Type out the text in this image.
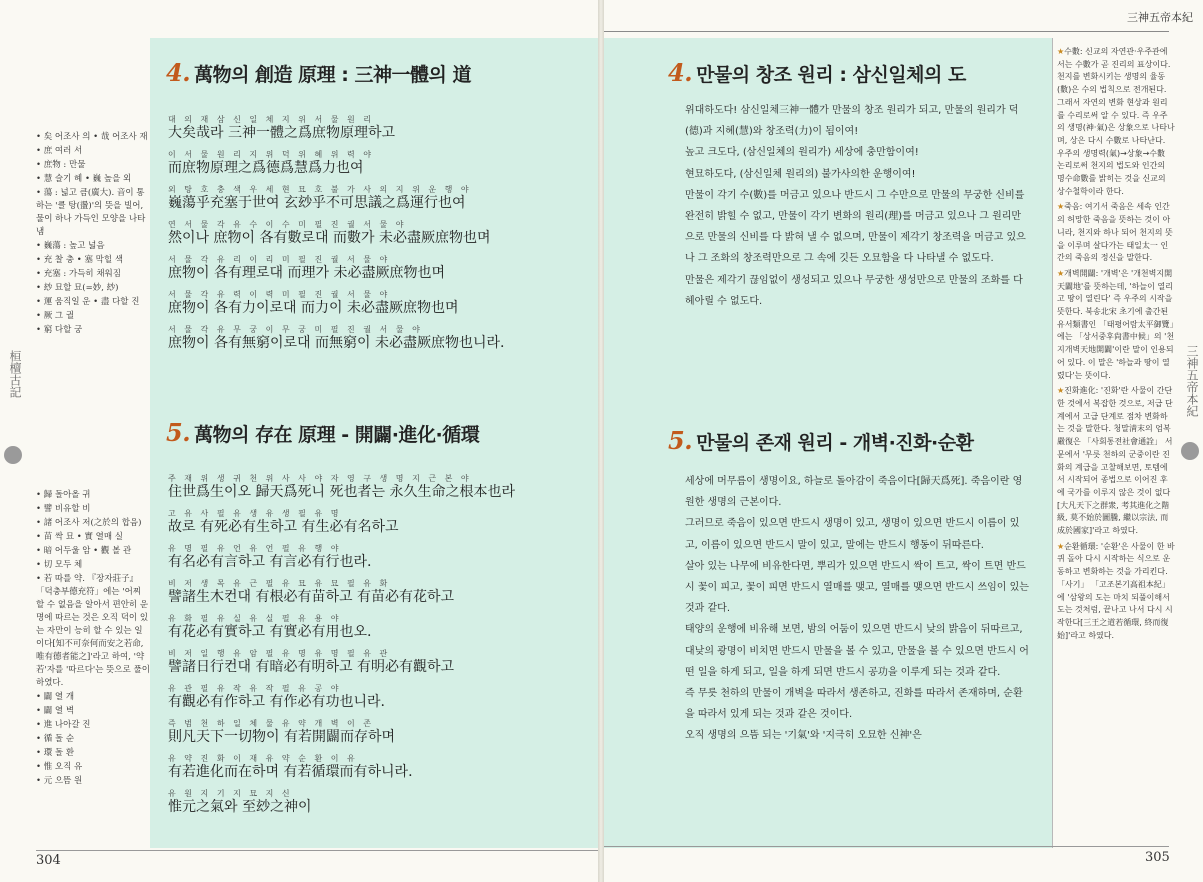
三神五帝本紀
桓檀古記	三神五帝本紀
4. 萬物의 創造 原理 : 三神一體의 道
대 의 재 삼 신 일 체 지 위 서 물 원 리
大矣哉라 三神一體之爲庶物原理하고
이 서 물 원 리 지 위 덕 위 혜 위 력 야
而庶物原理之爲德爲慧爲力也여
외 탕 호 충 색 우 세 현 묘 호 불 가 사 의 지 위 운 행 야
巍蕩乎充塞于世여 玄玅乎不可思議之爲運行也여
연 서 물 각 유 수 이 수 미 필 진 궐 서 물 야
然이나 庶物이 各有數로대 而數가 未必盡厥庶物也며
서 물 각 유 리 이 리 미 필 진 궐 서 물 야
庶物이 各有理로대 而理가 未必盡厥庶物也며
서 물 각 유 력 이 력 미 필 진 궐 서 물 야
庶物이 各有力이로대 而力이 未必盡厥庶物也며
서 물 각 유 무 궁 이 무 궁 미 필 진 궐 서 물 야
庶物이 各有無窮이로대 而無窮이 未必盡厥庶物也니라.
5. 萬物의 存在 原理 - 開闢·進化·循環
주 재 위 생 귀 천 위 사 사 야 자 영 구 생 명 지 근 본 야
住世爲生이오 歸天爲死니 死也者는 永久生命之根本也라
고 유 사 필 유 생 유 생 필 유 명
故로 有死必有生하고 有生必有名하고
유 명 필 유 언 유 언 필 유 행 야
有名必有言하고 有言必有行也라.
비 저 생 목 유 근 필 유 묘 유 묘 필 유 화
譬諸生木컨대 有根必有苗하고 有苗必有花하고
유 화 필 유 실 유 실 필 유 용 야
有花必有實하고 有實必有用也오.
비 저 일 행 유 암 필 유 명 유 명 필 유 관
譬諸日行컨대 有暗必有明하고 有明必有觀하고
유 관 필 유 작 유 작 필 유 공 야
有觀必有作하고 有作必有功也니라.
즉 범 천 하 일 체 물 유 약 개 벽 이 존
則凡天下一切物이 有若開闢而存하며
유 약 진 화 이 재 유 약 순 환 이 유
有若進化而在하며 有若循環而有하니라.
유 원 지 기 지 묘 지 신
惟元之氣와 至玅之神이
• 矣 어조사 의 • 哉 어조사 재
• 庶 여러 서
• 庶物 : 만물
• 慧 슬기 혜 • 巍 높을 외
• 蕩 : 넓고 큼(廣大). 音이 통하는 '클 탕(盪)'의 뜻을 빌어, 물이 하나 가득인 모양을 나타냄
• 巍蕩 : 높고 넓음
• 充 찰 충 • 塞 막힐 색
• 充塞 : 가득히 채워짐
• 玅 묘할 묘(=妙, 玅)
• 運 움직일 운 • 盡 다할 진
• 厥 그 궐
• 窮 다할 궁
• 歸 돌아올 귀
• 譬 비유할 비
• 諸 어조사 저(之於의 합음)
• 苗 싹 묘 • 實 열매 실
• 暗 어두울 암 • 觀 볼 관
• 切 모두 체
• 若 따를 약. 『장자莊子』 「덕충부德充符」에는 '어찌 할 수 없음을 알아서 편안히 운명에 따르는 것은 오직 덕이 있는 자만이 능히 할 수 있는 일이다[知不可奈何而安之若命, 唯有德者能之]'라고 하여, '약若'자를 '따르다'는 뜻으로 풀이하였다.
• 闢 열 개
• 闢 열 벽
• 進 나아갈 진
• 循 돌 순
• 環 돌 환
• 惟 오직 유
• 元 으뜸 원
304
4. 만물의 창조 원리 : 삼신일체의 도

위대하도다! 삼신일체三神一體가 만물의 창조 원리가 되고, 만물의 원리가 덕(德)과 지혜(慧)와 창조력(力)이 됨이여!

높고 크도다, (삼신일체의 원리가) 세상에 충만함이여!

현묘하도다, (삼신일체 원리의) 불가사의한 운행이여!

만물이 각기 수(數)를 머금고 있으나 반드시 그 수만으로 만물의 무궁한 신비를 완전히 밝힐 수 없고, 만물이 각기 변화의 원리(理)를 머금고 있으나 그 원리만으로 만물의 신비를 다 밝혀 낼 수 없으며, 만물이 제각기 창조력을 머금고 있으나 그 조화의 창조력만으로 그 속에 깃든 오묘함을 다 나타낼 수 없도다.

만물은 제각기 끊임없이 생성되고 있으나 무궁한 생성만으로 만물의 조화를 다 헤아릴 수 없도다.

5. 만물의 존재 원리 - 개벽·진화·순환

세상에 머무름이 생명이요, 하늘로 돌아감이 죽음이다[歸天爲死]. 죽음이란 영원한 생명의 근본이다.

그러므로 죽음이 있으면 반드시 생명이 있고, 생명이 있으면 반드시 이름이 있고, 이름이 있으면 반드시 말이 있고, 말에는 반드시 행동이 뒤따른다.

살아 있는 나무에 비유한다면, 뿌리가 있으면 반드시 싹이 트고, 싹이 트면 반드시 꽃이 피고, 꽃이 피면 반드시 열매를 맺고, 열매를 맺으면 반드시 쓰임이 있는 것과 같다.

태양의 운행에 비유해 보면, 밤의 어둠이 있으면 반드시 낮의 밝음이 뒤따르고, 대낮의 광명이 비치면 반드시 만물을 볼 수 있고, 만물을 볼 수 있으면 반드시 어떤 일을 하게 되고, 일을 하게 되면 반드시 공功을 이루게 되는 것과 같다.

즉 무릇 천하의 만물이 개벽을 따라서 생존하고, 진화를 따라서 존재하며, 순환을 따라서 있게 되는 것과 같은 것이다.

오직 생명의 으뜸 되는 '기氣'와 '지극히 오묘한 신神'은

★수數: 신교의 자연관·우주관에서는 수數가 곧 진리의 표상이다. 천지를 변화시키는 생명의 율동(數)은 수의 법칙으로 전개된다. 그래서 자연의 변화 현상과 원리를 수리로써 알 수 있다. 즉 우주의 생명(神·氣)은 상象으로 나타나며, 상은 다시 수數로 나타난다. 우주의 생명력(氣)→상象→수數 논리로써 천지의 법도와 인간의 명수命數를 밝히는 것을 신교의 상수철학이라 한다.

★죽음: 여기서 죽음은 세속 인간의 허망한 죽음을 뜻하는 것이 아니라, 천지와 하나 되어 천지의 뜻을 이루며 살다가는 태일太一 인간의 죽음의 정신을 말한다.

★개벽開闢: '개벽'은 '개천벽지開天闢地'를 뜻하는데, '하늘이 열리고 땅이 열린다' 즉 우주의 시작을 뜻한다. 북송北宋 초기에 출간된 유서類書인 「태평어람太平御覽」에는 「상서중후尙書中候」의 '천지개벽天地開闢'이란 말이 인용되어 있다. 이 말은 '하늘과 땅이 열렸다'는 뜻이다.

★진화進化: '진화'란 사물이 간단한 것에서 복잡한 것으로, 저급 단계에서 고급 단계로 점차 변화하는 것을 말한다. 청말淸末의 엄복嚴復은 「사회통전社會通詮」 서문에서 '무릇 천하의 군중이란 진화의 계급을 고찰해보면, 토템에서 시작되어 종법으로 이어진 후에 국가를 이루지 않은 것이 없다[大凡天下之群衆, 考其進化之階級, 莫不始於圖騰, 繼以宗法, 而成於國家]'라고 하였다.

★순환循環: '순환'은 사물이 한 바퀴 돌아 다시 시작하는 식으로 운동하고 변화하는 것을 가리킨다. 「사기」 「고조본기高祖本紀」에 '삼왕의 도는 마치 되풀이해서 도는 것처럼, 끝나고 나서 다시 시작한다[三王之道若循環, 終而復始]'라고 하였다.

305
